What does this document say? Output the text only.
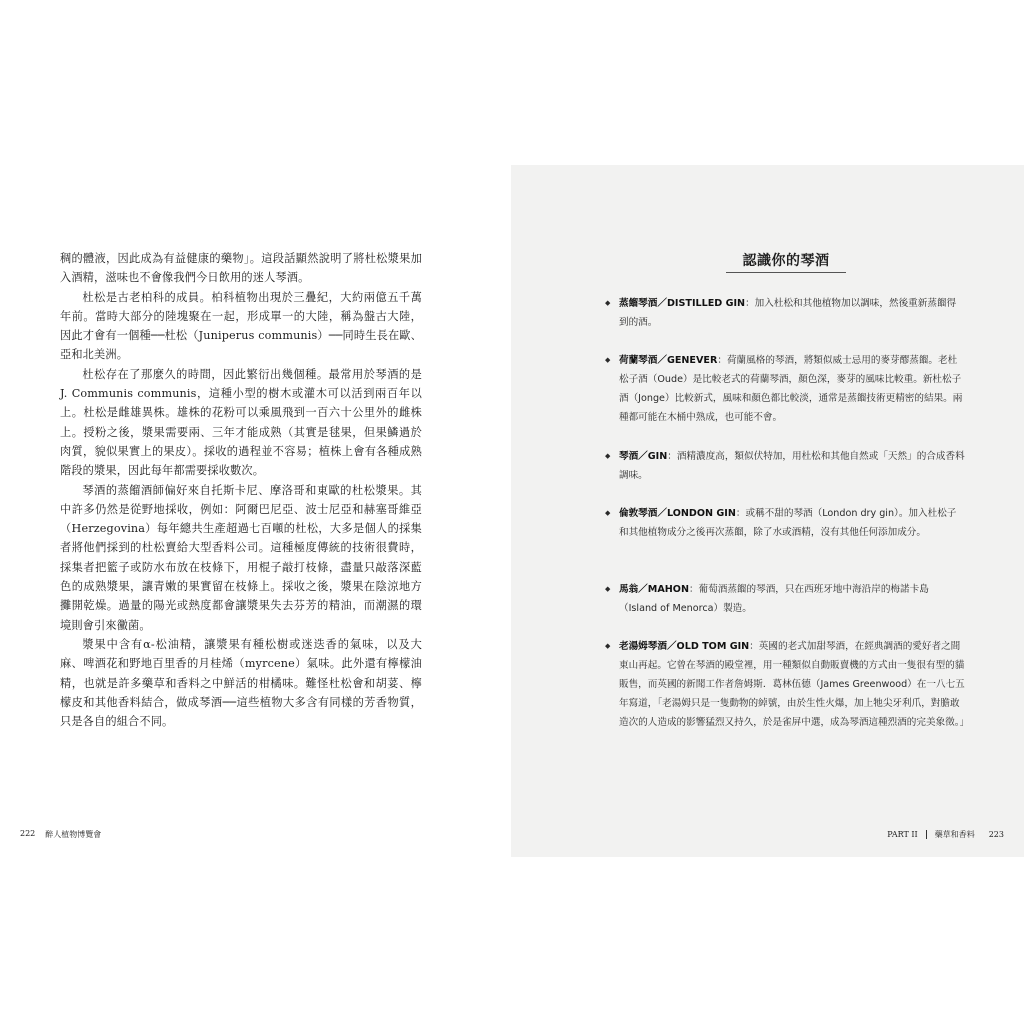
稠的體液，因此成為有益健康的藥物」。這段話顯然說明了將杜松漿果加入酒精，滋味也不會像我們今日飲用的迷人琴酒。

杜松是古老柏科的成員。柏科植物出現於三疊紀，大約兩億五千萬年前。當時大部分的陸塊聚在一起，形成單一的大陸，稱為盤古大陸，因此才會有一個種──杜松（Juniperus communis）──同時生長在歐、亞和北美洲。

杜松存在了那麼久的時間，因此繁衍出幾個種。最常用於琴酒的是 J. Communis communis，這種小型的樹木或灌木可以活到兩百年以上。杜松是雌雄異株。雄株的花粉可以乘風飛到一百六十公里外的雌株上。授粉之後，漿果需要兩、三年才能成熟（其實是毬果，但果鱗過於肉質，貌似果實上的果皮）。採收的過程並不容易；植株上會有各種成熟階段的漿果，因此每年都需要採收數次。

琴酒的蒸餾酒師偏好來自托斯卡尼、摩洛哥和東歐的杜松漿果。其中許多仍然是從野地採收，例如：阿爾巴尼亞、波士尼亞和赫塞哥維亞（Herzegovina）每年總共生產超過七百噸的杜松，大多是個人的採集者將他們採到的杜松賣給大型香料公司。這種極度傳統的技術很費時，採集者把籃子或防水布放在枝條下，用棍子敲打枝條，盡量只敲落深藍色的成熟漿果，讓青嫩的果實留在枝條上。採收之後，漿果在陰涼地方攤開乾燥。過量的陽光或熱度都會讓漿果失去芬芳的精油，而潮濕的環境則會引來黴菌。

漿果中含有α-松油精，讓漿果有種松樹或迷迭香的氣味，以及大麻、啤酒花和野地百里香的月桂烯（myrcene）氣味。此外還有檸檬油精，也就是許多藥草和香料之中鮮活的柑橘味。難怪杜松會和胡荽、檸檬皮和其他香料結合，做成琴酒──這些植物大多含有同樣的芳香物質，只是各自的組合不同。

222 醉人植物博覽會
認識你的琴酒
◆ 蒸餾琴酒／DISTILLED GIN：加入杜松和其他植物加以調味，然後重新蒸餾得到的酒。
◆ 荷蘭琴酒／GENEVER：荷蘭風格的琴酒，將類似威士忌用的麥芽醪蒸餾。老杜松子酒（Oude）是比較老式的荷蘭琴酒，顏色深，麥芽的風味比較重。新杜松子酒（Jonge）比較新式，風味和顏色都比較淡，通常是蒸餾技術更精密的結果。兩種都可能在木桶中熟成，也可能不會。
◆ 琴酒／GIN：酒精濃度高，類似伏特加，用杜松和其他自然或「天然」的合成香料調味。
◆ 倫敦琴酒／LONDON GIN：或稱不甜的琴酒（London dry gin）。加入杜松子和其他植物成分之後再次蒸餾，除了水或酒精，沒有其他任何添加成分。
◆ 馬翁／MAHON：葡萄酒蒸餾的琴酒，只在西班牙地中海沿岸的梅諾卡島（Island of Menorca）製造。
◆ 老湯姆琴酒／OLD TOM GIN：英國的老式加甜琴酒，在經典調酒的愛好者之間東山再起。它曾在琴酒的殿堂裡，用一種類似自動販賣機的方式由一隻很有型的貓販售，而英國的新聞工作者詹姆斯．葛林伍德（James Greenwood）在一八七五年寫道，「老湯姆只是一隻動物的綽號，由於生性火爆，加上牠尖牙利爪，對膽敢造次的人造成的影響猛烈又持久，於是雀屏中選，成為琴酒這種烈酒的完美象徵。」
PART II 藥草和香料 223
